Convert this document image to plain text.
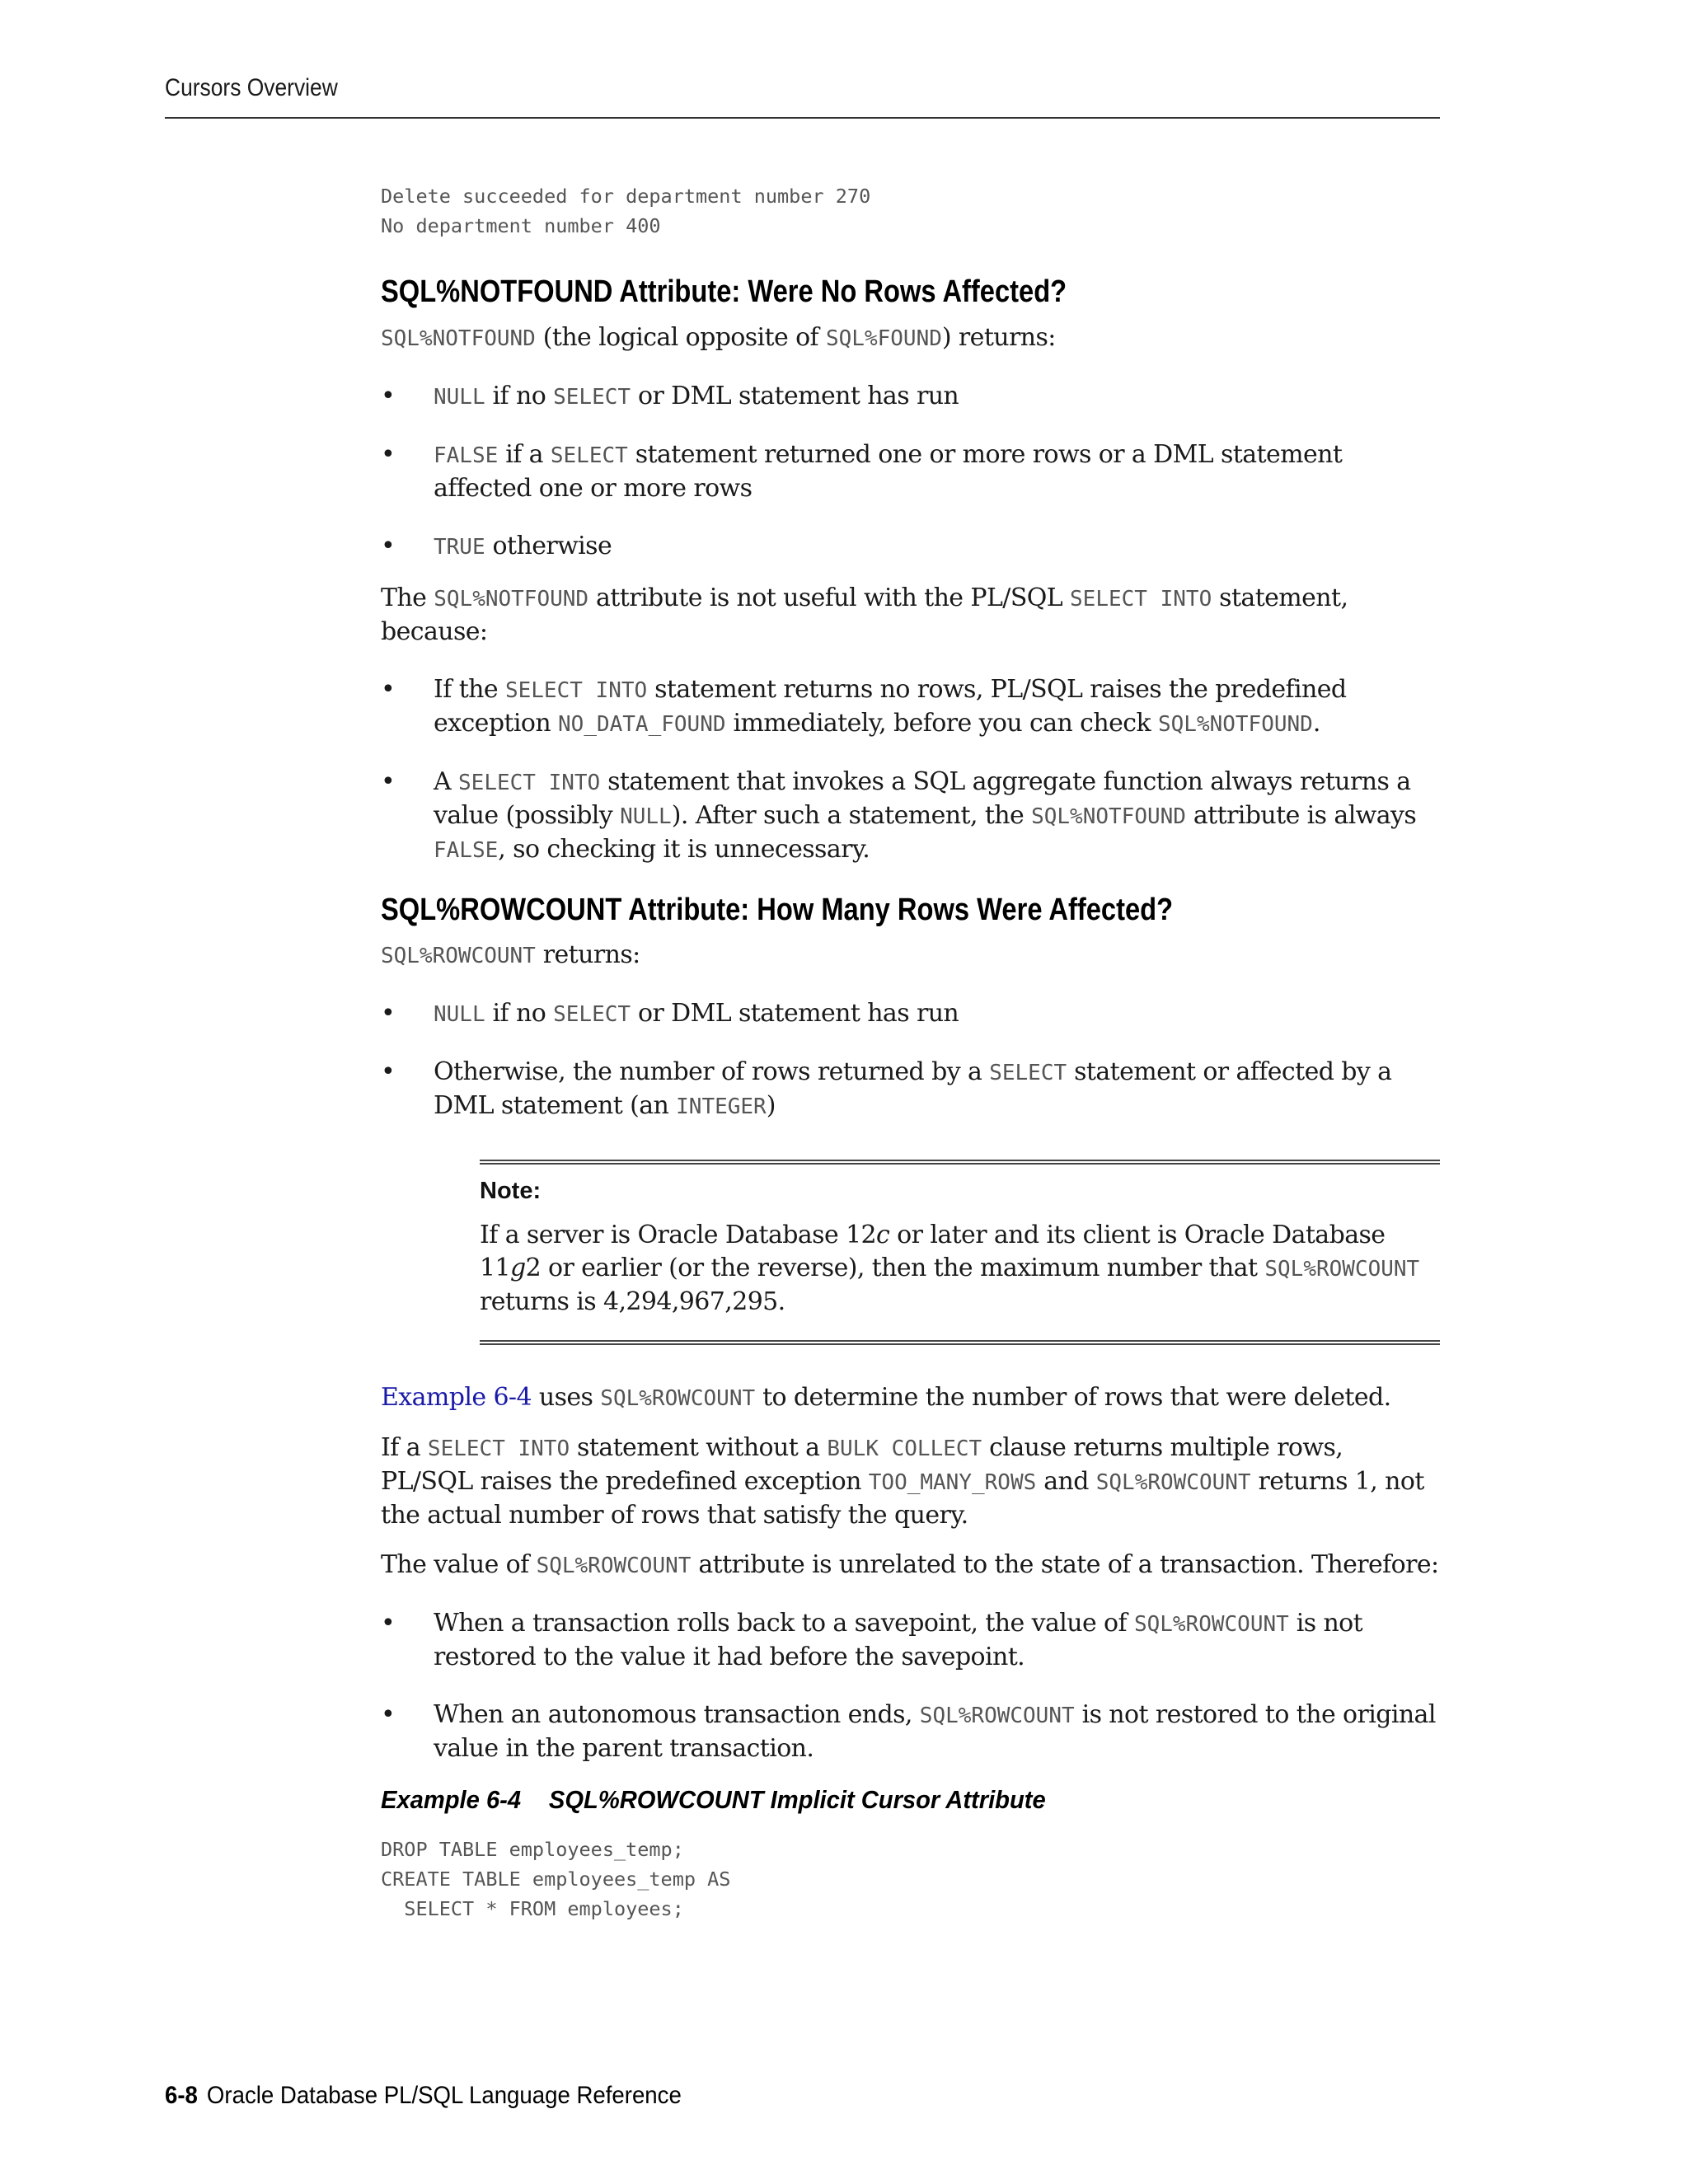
Cursors Overview
Delete succeeded for department number 270
No department number 400
SQL%NOTFOUND Attribute: Were No Rows Affected?

SQL%NOTFOUND (the logical opposite of SQL%FOUND) returns:

• NULL if no SELECT or DML statement has run
• FALSE if a SELECT statement returned one or more rows or a DML statement affected one or more rows
• TRUE otherwise

The SQL%NOTFOUND attribute is not useful with the PL/SQL SELECT INTO statement, because:

• If the SELECT INTO statement returns no rows, PL/SQL raises the predefined exception NO_DATA_FOUND immediately, before you can check SQL%NOTFOUND.
• A SELECT INTO statement that invokes a SQL aggregate function always returns a value (possibly NULL). After such a statement, the SQL%NOTFOUND attribute is always FALSE, so checking it is unnecessary.
SQL%ROWCOUNT Attribute: How Many Rows Were Affected?

SQL%ROWCOUNT returns:

• NULL if no SELECT or DML statement has run
• Otherwise, the number of rows returned by a SELECT statement or affected by a DML statement (an INTEGER)
Note:

If a server is Oracle Database 12c or later and its client is Oracle Database 11g2 or earlier (or the reverse), then the maximum number that SQL%ROWCOUNT returns is 4,294,967,295.

Example 6-4 uses SQL%ROWCOUNT to determine the number of rows that were deleted.

If a SELECT INTO statement without a BULK COLLECT clause returns multiple rows, PL/SQL raises the predefined exception TOO_MANY_ROWS and SQL%ROWCOUNT returns 1, not the actual number of rows that satisfy the query.

The value of SQL%ROWCOUNT attribute is unrelated to the state of a transaction. Therefore:

• When a transaction rolls back to a savepoint, the value of SQL%ROWCOUNT is not restored to the value it had before the savepoint.
• When an autonomous transaction ends, SQL%ROWCOUNT is not restored to the original value in the parent transaction.
Example 6-4 SQL%ROWCOUNT Implicit Cursor Attribute
DROP TABLE employees_temp;
CREATE TABLE employees_temp AS
SELECT * FROM employees;
6-8 Oracle Database PL/SQL Language Reference
